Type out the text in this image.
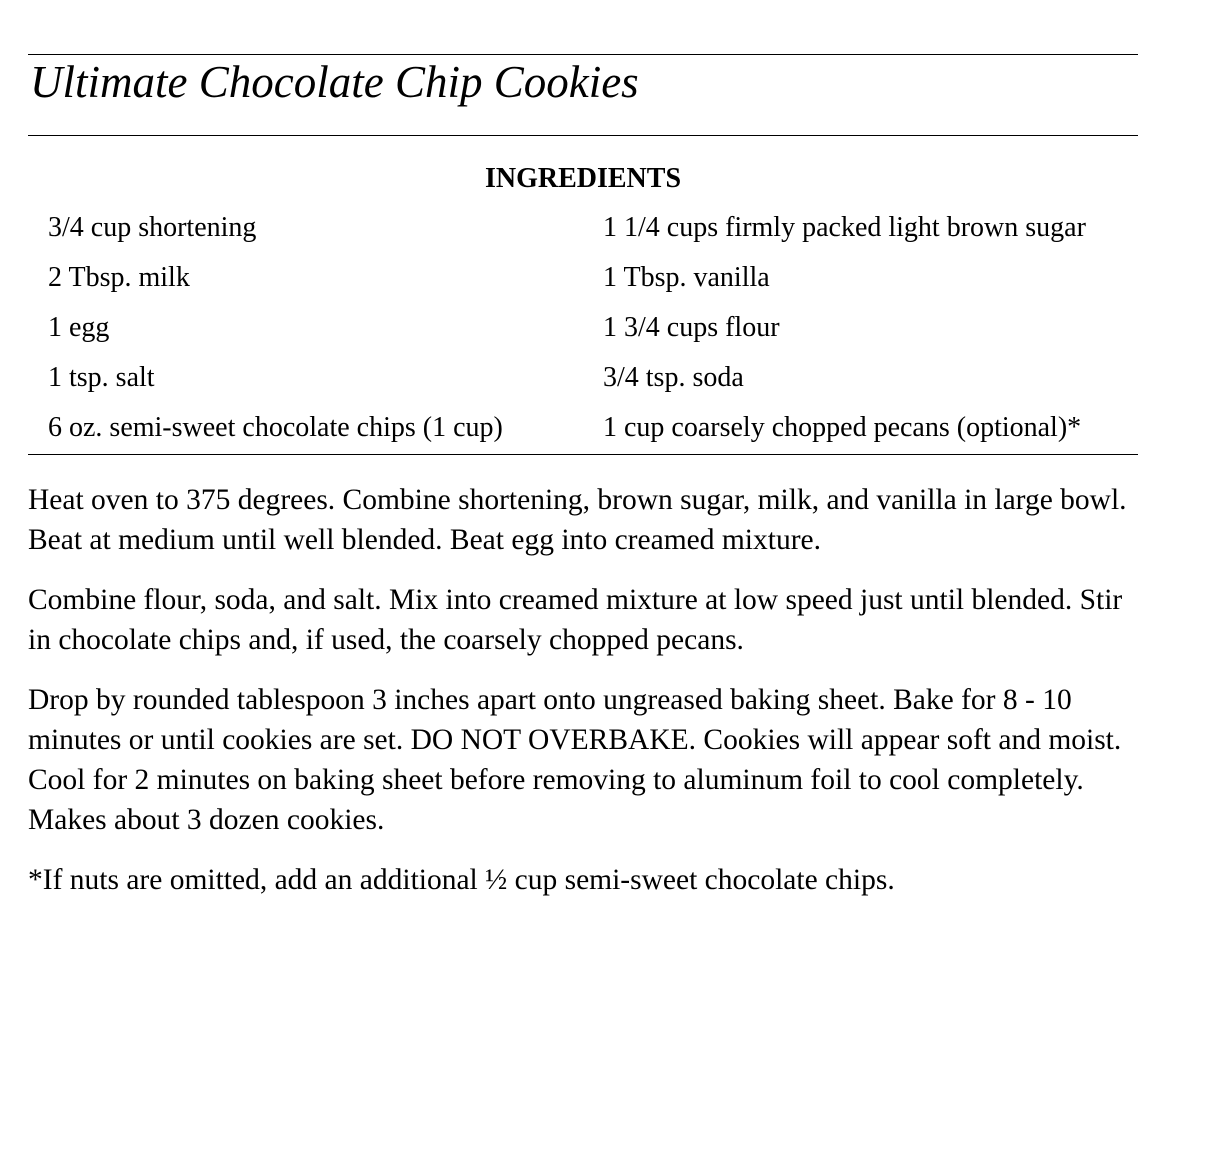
Ultimate Chocolate Chip Cookies
INGREDIENTS
3/4 cup shortening	1 1/4 cups firmly packed light brown sugar
2 Tbsp. milk	1 Tbsp. vanilla
1 egg	1 3/4 cups flour
1 tsp. salt	3/4 tsp. soda
6 oz. semi-sweet chocolate chips (1 cup)	1 cup coarsely chopped pecans (optional)*

Heat oven to 375 degrees. Combine shortening, brown sugar, milk, and vanilla in large bowl. Beat at medium until well blended. Beat egg into creamed mixture.

Combine flour, soda, and salt. Mix into creamed mixture at low speed just until blended. Stir in chocolate chips and, if used, the coarsely chopped pecans.

Drop by rounded tablespoon 3 inches apart onto ungreased baking sheet. Bake for 8 - 10 minutes or until cookies are set. DO NOT OVERBAKE. Cookies will appear soft and moist. Cool for 2 minutes on baking sheet before removing to aluminum foil to cool completely. Makes about 3 dozen cookies.

*If nuts are omitted, add an additional ½ cup semi-sweet chocolate chips.
